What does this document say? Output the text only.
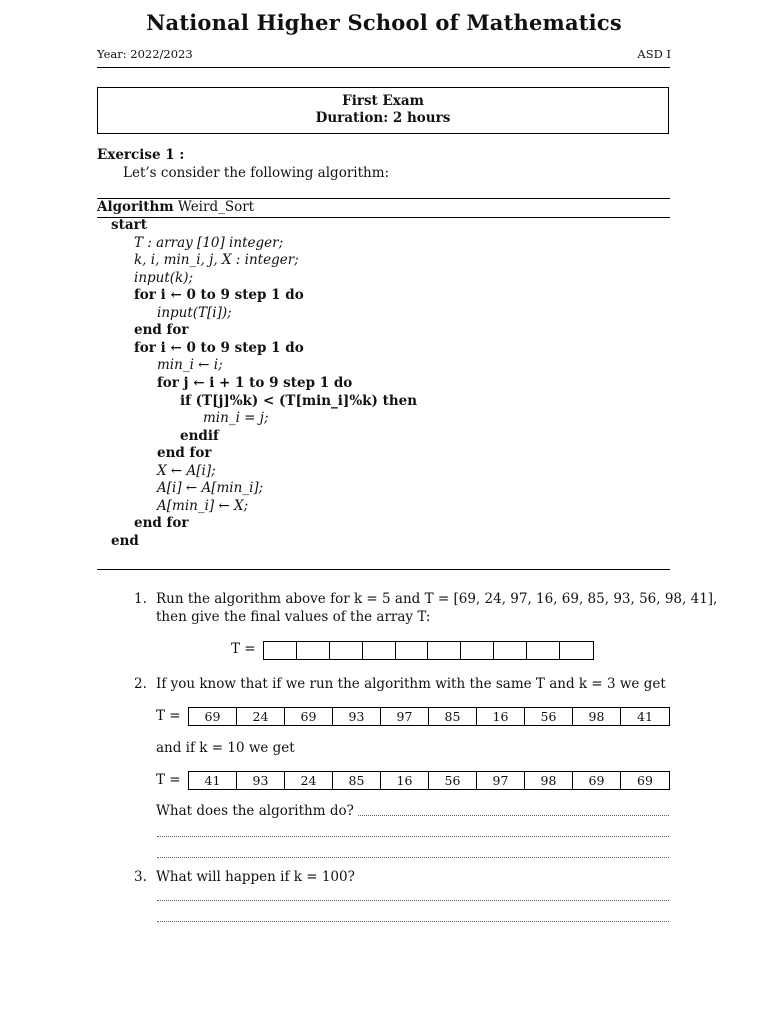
National Higher School of Mathematics
Year: 2022/2023	ASD I
First Exam
Duration: 2 hours
Exercise 1 :
Let’s consider the following algorithm:
Algorithm Weird_Sort
start
T : array [10] integer;
k, i, min_i, j, X : integer;
input(k);
for i ← 0 to 9 step 1 do
input(T[i]);
end for
for i ← 0 to 9 step 1 do
min_i ← i;
for j ← i + 1 to 9 step 1 do
if (T[j]%k) < (T[min_i]%k) then
min_i = j;
endif
end for
X ← A[i];
A[i] ← A[min_i];
A[min_i] ← X;
end for
end
1. Run the algorithm above for k = 5 and T = [69, 24, 97, 16, 69, 85, 93, 56, 98, 41],
then give the final values of the array T:
T =
2. If you know that if we run the algorithm with the same T and k = 3 we get
T =	69	24	69	93	97	85	16	56	98	41
and if k = 10 we get
T =	41	93	24	85	16	56	97	98	69	69
What does the algorithm do?
3. What will happen if k = 100?
